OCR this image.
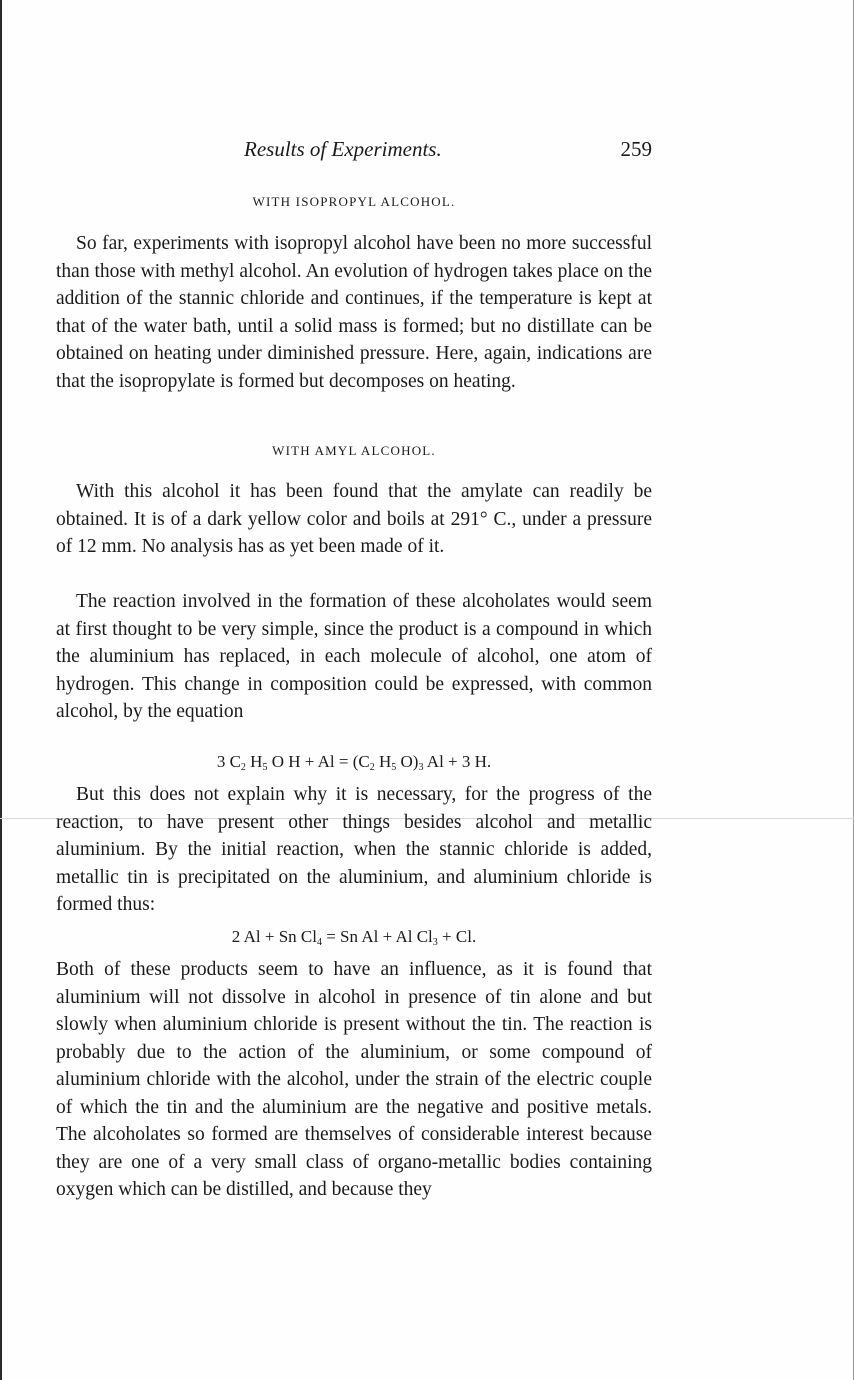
Results of Experiments.	259
WITH ISOPROPYL ALCOHOL.

So far, experiments with isopropyl alcohol have been no more successful than those with methyl alcohol. An evolution of hydrogen takes place on the addition of the stannic chloride and continues, if the temperature is kept at that of the water bath, until a solid mass is formed; but no distillate can be obtained on heating under diminished pressure. Here, again, indications are that the isopropylate is formed but decomposes on heating.

WITH AMYL ALCOHOL.

With this alcohol it has been found that the amylate can readily be obtained. It is of a dark yellow color and boils at 291° C., under a pressure of 12 mm. No analysis has as yet been made of it.

The reaction involved in the formation of these alcoholates would seem at first thought to be very simple, since the product is a compound in which the aluminium has replaced, in each molecule of alcohol, one atom of hydrogen. This change in composition could be expressed, with common alcohol, by the equation

3 $C_2$ $H_5$ O $H + Al = (C_2$ $H_5$ $O)_3$ Al + 3 H.

But this does not explain why it is necessary, for the progress of the reaction, to have present other things besides alcohol and metallic aluminium. By the initial reaction, when the stannic chloride is added, metallic tin is precipitated on the aluminium, and aluminium chloride is formed thus:

2 Al + Sn $Cl_4 = Sn$ Al + Al $Cl_3 + Cl$.

Both of these products seem to have an influence, as it is found that aluminium will not dissolve in alcohol in presence of tin alone and but slowly when aluminium chloride is present without the tin. The reaction is probably due to the action of the aluminium, or some compound of aluminium chloride with the alcohol, under the strain of the electric couple of which the tin and the aluminium are the negative and positive metals. The alcoholates so formed are themselves of considerable interest because they are one of a very small class of organo-metallic bodies containing oxygen which can be distilled, and because they
